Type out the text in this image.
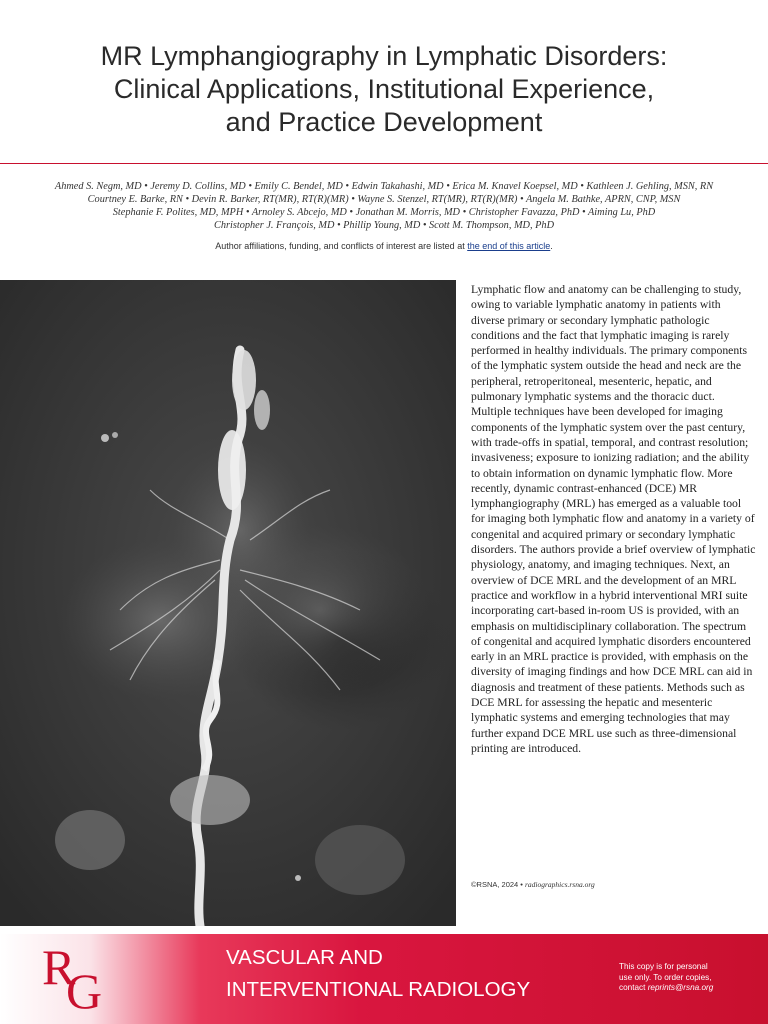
MR Lymphangiography in Lymphatic Disorders:
Clinical Applications, Institutional Experience,
and Practice Development
Ahmed S. Negm, MD • Jeremy D. Collins, MD • Emily C. Bendel, MD • Edwin Takahashi, MD • Erica M. Knavel Koepsel, MD • Kathleen J. Gehling, MSN, RN
Courtney E. Barke, RN • Devin R. Barker, RT(MR), RT(R)(MR) • Wayne S. Stenzel, RT(MR), RT(R)(MR) • Angela M. Bathke, APRN, CNP, MSN
Stephanie F. Polites, MD, MPH • Arnoley S. Abcejo, MD • Jonathan M. Morris, MD • Christopher Favazza, PhD • Aiming Lu, PhD
Christopher J. François, MD • Phillip Young, MD • Scott M. Thompson, MD, PhD
Author affiliations, funding, and conflicts of interest are listed at the end of this article.

Lymphatic flow and anatomy can be challenging to study, owing to variable lymphatic anatomy in patients with diverse primary or secondary lymphatic pathologic conditions and the fact that lymphatic imaging is rarely performed in healthy individuals. The primary components of the lymphatic system outside the head and neck are the peripheral, retroperitoneal, mesenteric, hepatic, and pulmonary lymphatic systems and the thoracic duct. Multiple techniques have been developed for imaging components of the lymphatic system over the past century, with trade-offs in spatial, temporal, and contrast resolution; invasiveness; exposure to ionizing radiation; and the ability to obtain information on dynamic lymphatic flow. More recently, dynamic contrast-enhanced (DCE) MR lymphangiography (MRL) has emerged as a valuable tool for imaging both lymphatic flow and anatomy in a variety of congenital and acquired primary or secondary lymphatic disorders. The authors provide a brief overview of lymphatic physiology, anatomy, and imaging techniques. Next, an overview of DCE MRL and the development of an MRL practice and workflow in a hybrid interventional MRI suite incorporating cart-based in-room US is provided, with an emphasis on multidisciplinary collaboration. The spectrum of congenital and acquired lymphatic disorders encountered early in an MRL practice is provided, with emphasis on the diversity of imaging findings and how DCE MRL can aid in diagnosis and treatment of these patients. Methods such as DCE MRL for assessing the hepatic and mesenteric lymphatic systems and emerging technologies that may further expand DCE MRL use such as three-dimensional printing are introduced.

©RSNA, 2024 • radiographics.rsna.org
R
G
VASCULAR AND
INTERVENTIONAL RADIOLOGY
This copy is for personal
use only. To order copies,
contact reprints@rsna.org
